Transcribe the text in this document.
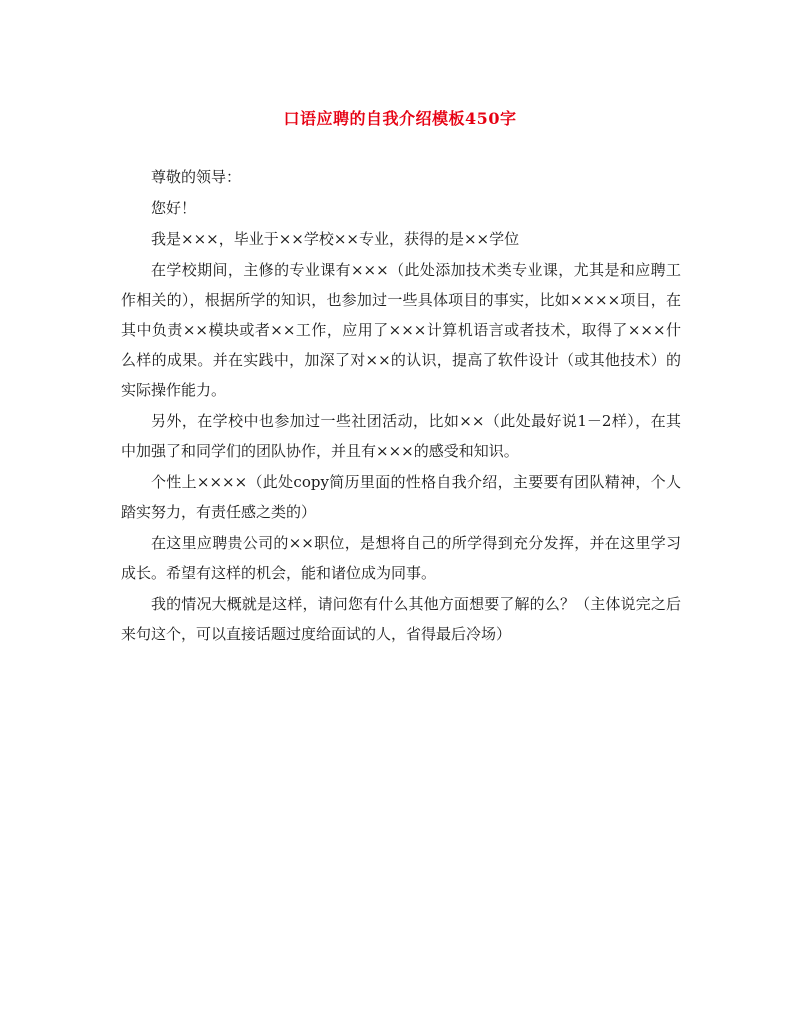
口语应聘的自我介绍模板450字

尊敬的领导：

您好！

我是×××，毕业于××学校××专业，获得的是××学位

在学校期间，主修的专业课有×××（此处添加技术类专业课，尤其是和应聘工作相关的），根据所学的知识，也参加过一些具体项目的事实，比如××××项目，在其中负责××模块或者××工作，应用了×××计算机语言或者技术，取得了×××什么样的成果。并在实践中，加深了对××的认识，提高了软件设计（或其他技术）的实际操作能力。

另外，在学校中也参加过一些社团活动，比如××（此处最好说1－2样），在其中加强了和同学们的团队协作，并且有×××的感受和知识。

个性上××××（此处copy简历里面的性格自我介绍，主要要有团队精神，个人踏实努力，有责任感之类的）

在这里应聘贵公司的××职位，是想将自己的所学得到充分发挥，并在这里学习成长。希望有这样的机会，能和诸位成为同事。

我的情况大概就是这样，请问您有什么其他方面想要了解的么？（主体说完之后来句这个，可以直接话题过度给面试的人，省得最后冷场）
